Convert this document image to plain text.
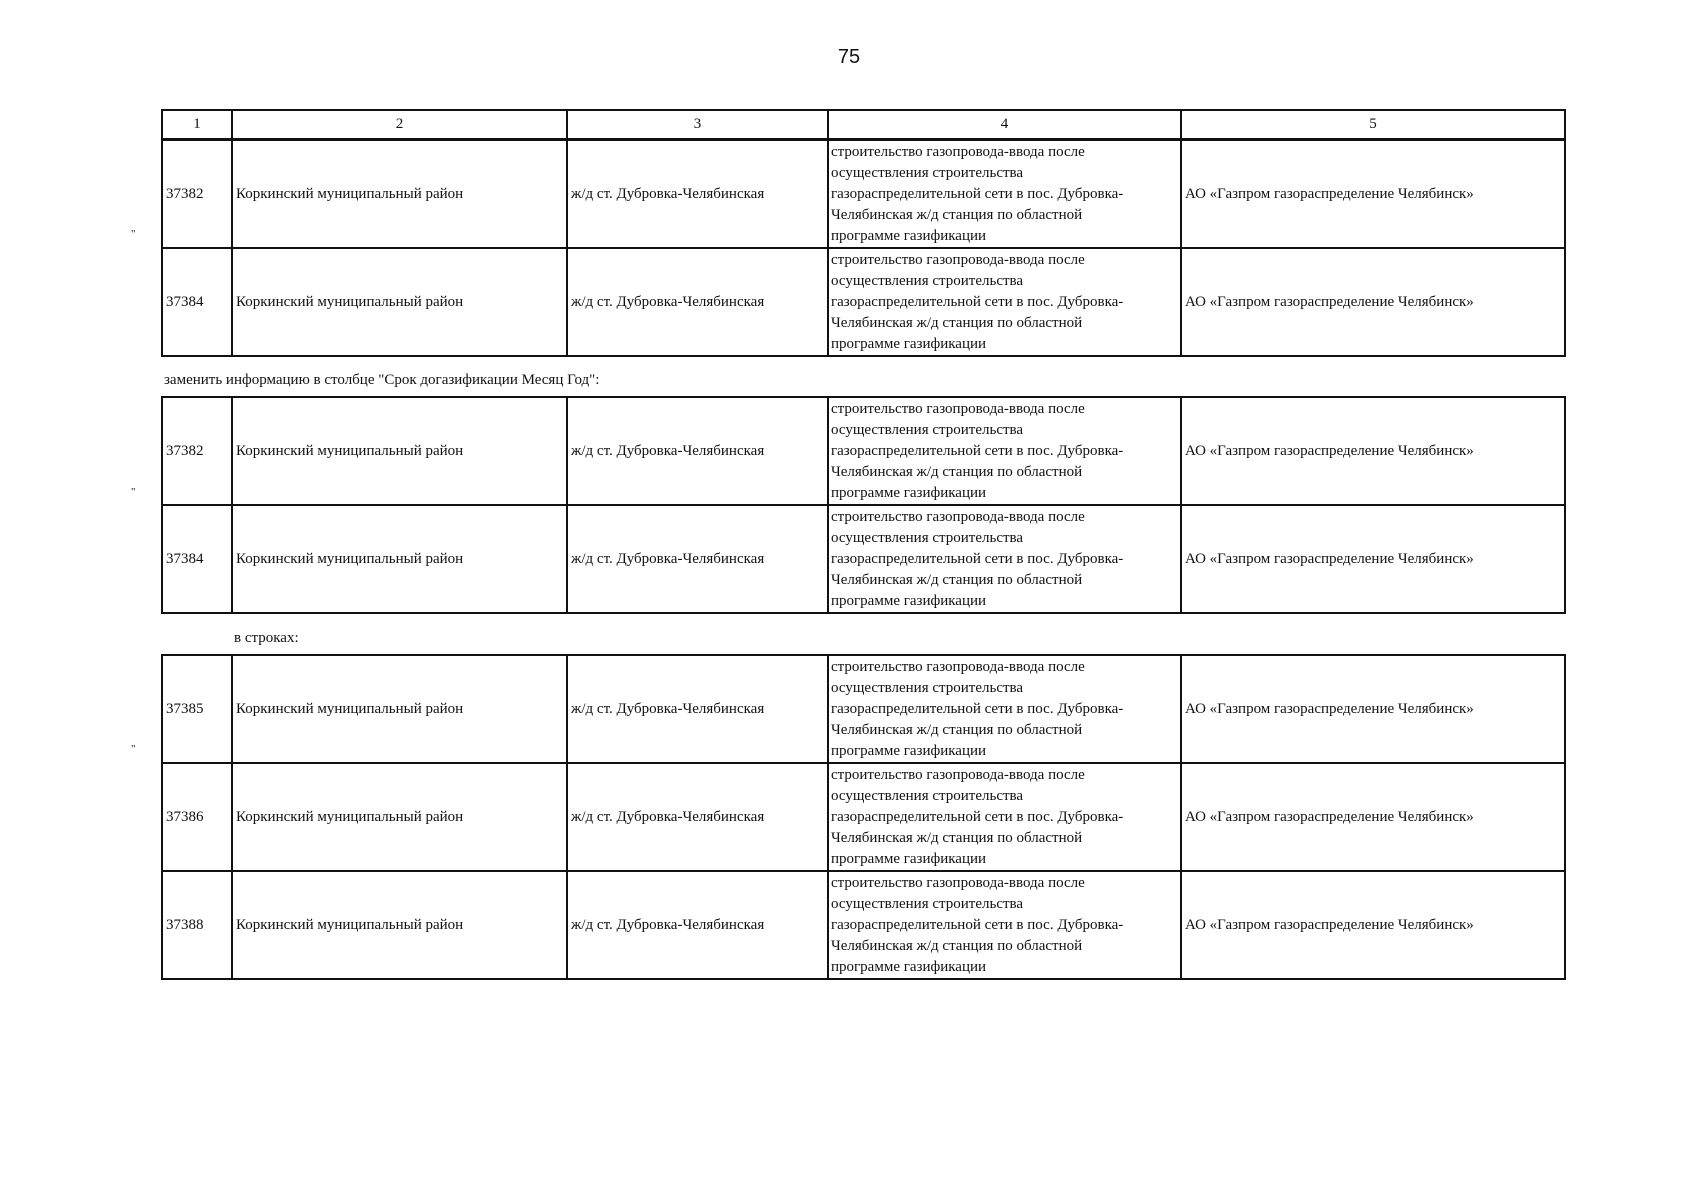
75
1	2	3	4	5
37382	Коркинский муниципальный район	ж/д ст. Дубровка-Челябинская	строительство газопровода-ввода после
осуществления строительства
газораспределительной сети в пос. Дубровка-
Челябинская ж/д станция по областной
программе газификации	АО «Газпром газораспределение Челябинск»
37384	Коркинский муниципальный район	ж/д ст. Дубровка-Челябинская	строительство газопровода-ввода после
осуществления строительства
газораспределительной сети в пос. Дубровка-
Челябинская ж/д станция по областной
программе газификации	АО «Газпром газораспределение Челябинск»
"
заменить информацию в столбце "Срок догазификации Месяц Год":
37382	Коркинский муниципальный район	ж/д ст. Дубровка-Челябинская	строительство газопровода-ввода после
осуществления строительства
газораспределительной сети в пос. Дубровка-
Челябинская ж/д станция по областной
программе газификации	АО «Газпром газораспределение Челябинск»
37384	Коркинский муниципальный район	ж/д ст. Дубровка-Челябинская	строительство газопровода-ввода после
осуществления строительства
газораспределительной сети в пос. Дубровка-
Челябинская ж/д станция по областной
программе газификации	АО «Газпром газораспределение Челябинск»
"
в строках:
37385	Коркинский муниципальный район	ж/д ст. Дубровка-Челябинская	строительство газопровода-ввода после
осуществления строительства
газораспределительной сети в пос. Дубровка-
Челябинская ж/д станция по областной
программе газификации	АО «Газпром газораспределение Челябинск»
37386	Коркинский муниципальный район	ж/д ст. Дубровка-Челябинская	строительство газопровода-ввода после
осуществления строительства
газораспределительной сети в пос. Дубровка-
Челябинская ж/д станция по областной
программе газификации	АО «Газпром газораспределение Челябинск»
37388	Коркинский муниципальный район	ж/д ст. Дубровка-Челябинская	строительство газопровода-ввода после
осуществления строительства
газораспределительной сети в пос. Дубровка-
Челябинская ж/д станция по областной
программе газификации	АО «Газпром газораспределение Челябинск»
"
